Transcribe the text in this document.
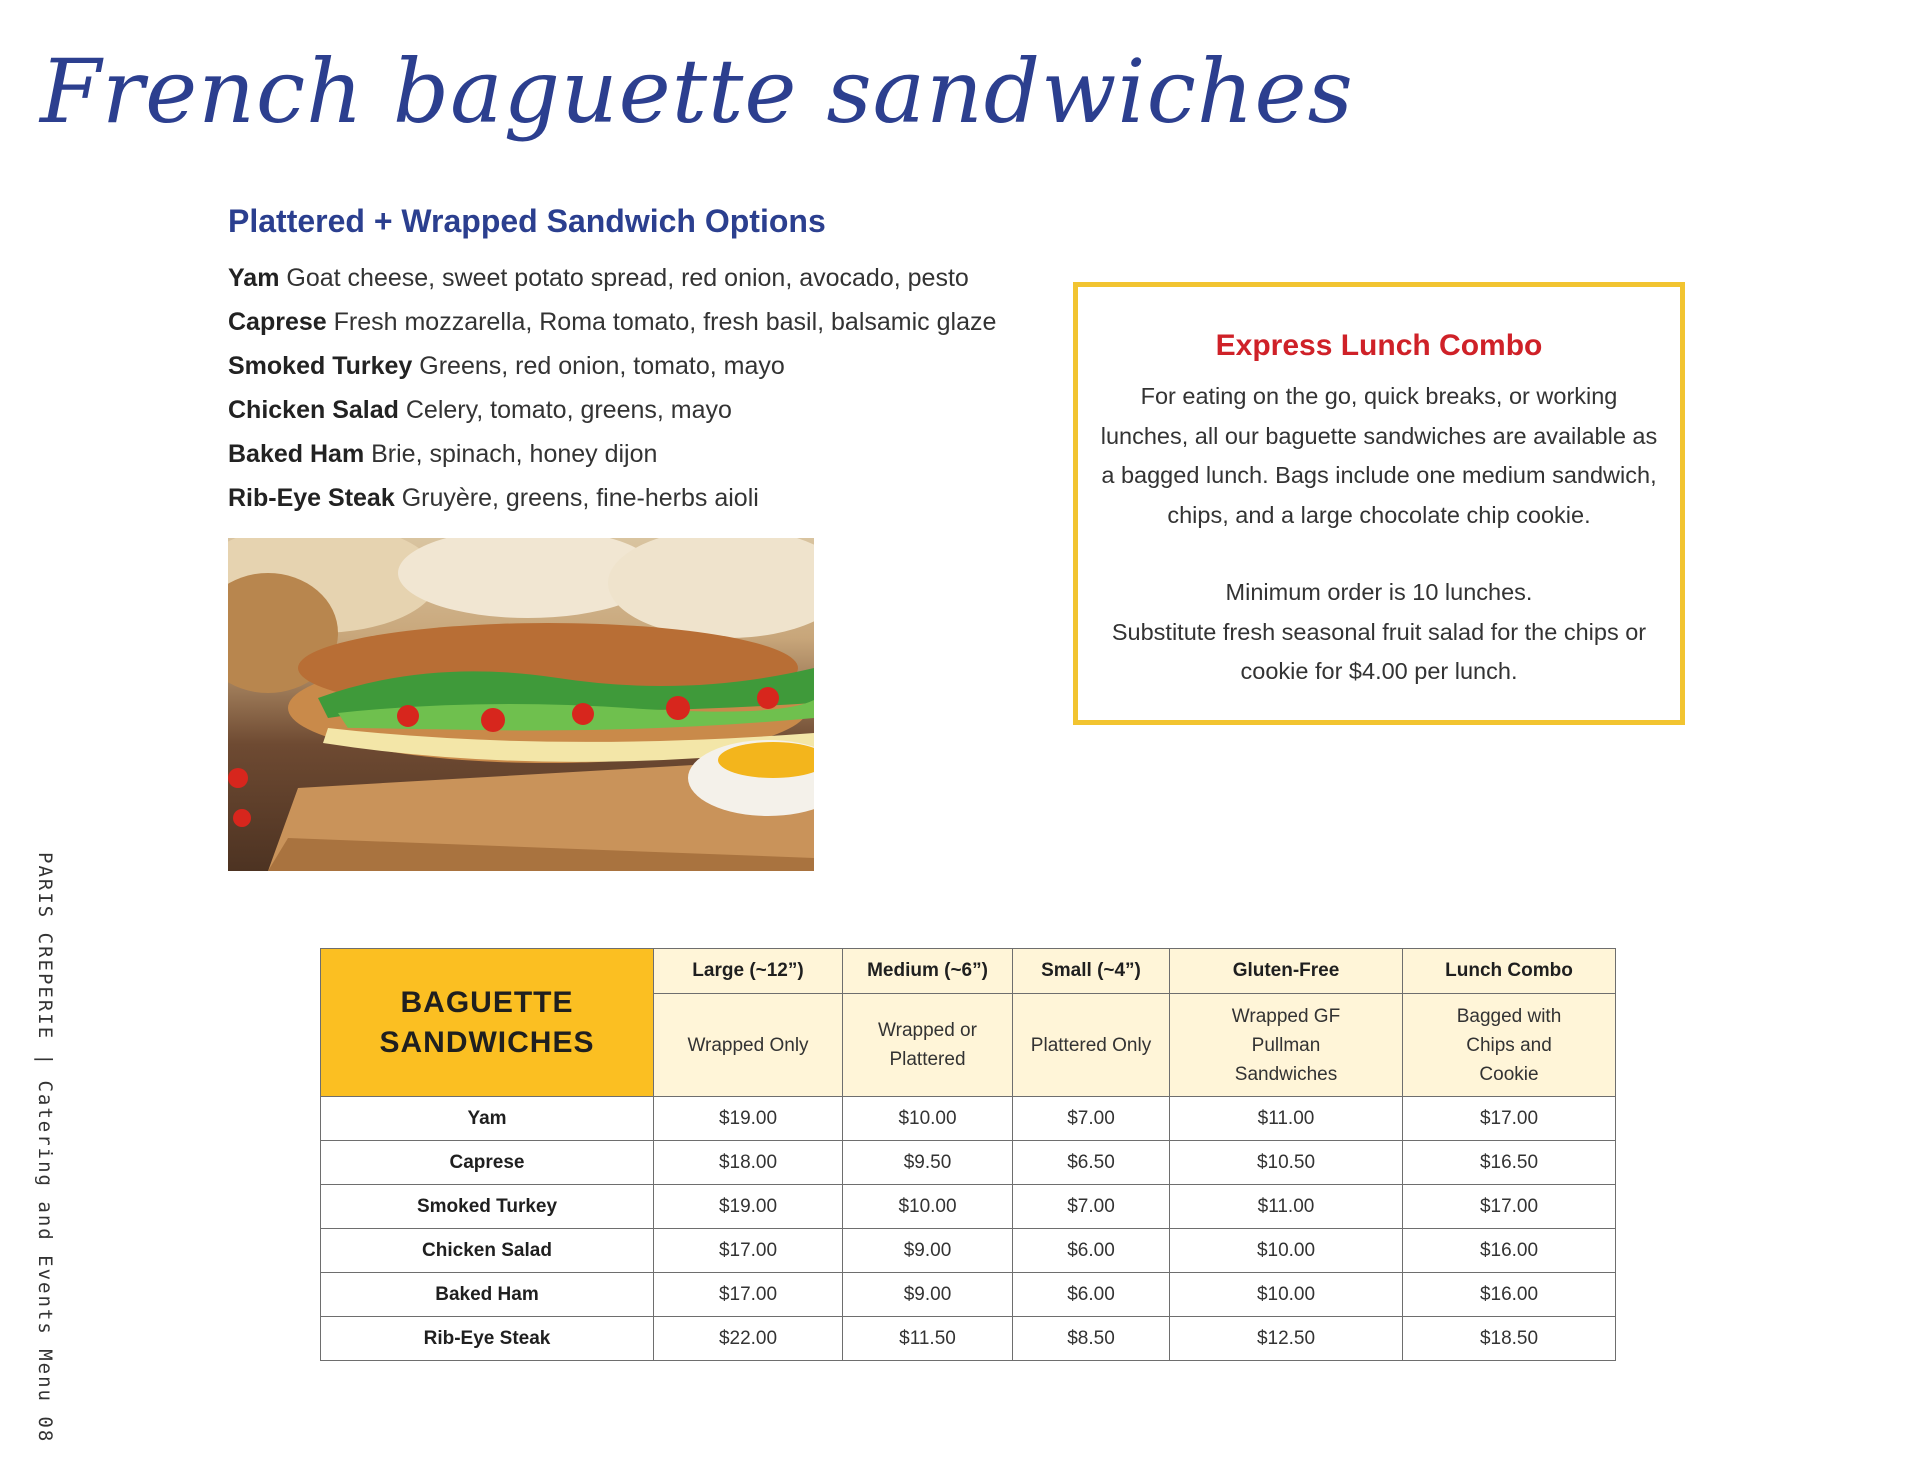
French baguette sandwiches
Plattered + Wrapped Sandwich Options
Yam Goat cheese, sweet potato spread, red onion, avocado, pesto
Caprese Fresh mozzarella, Roma tomato, fresh basil, balsamic glaze
Smoked Turkey Greens, red onion, tomato, mayo
Chicken Salad Celery, tomato, greens, mayo
Baked Ham Brie, spinach, honey dijon
Rib-Eye Steak Gruyère, greens, fine-herbs aioli
Express Lunch Combo

For eating on the go, quick breaks, or working lunches, all our baguette sandwiches are available as a bagged lunch. Bags include one medium sandwich, chips, and a large chocolate chip cookie.

Minimum order is 10 lunches.

Substitute fresh seasonal fruit salad for the chips or cookie for $4.00 per lunch.

PARIS CREPERIE | Catering and Events Menu 08	BAGUETTE
SANDWICHES	Large (~12”)	Medium (~6”)	Small (~4”)	Gluten-Free	Lunch Combo
	Wrapped Only	Wrapped or Plattered	Plattered Only	Wrapped GF Pullman Sandwiches	Bagged with Chips and Cookie
Yam	$19.00	$10.00	$7.00	$11.00	$17.00
Caprese	$18.00	$9.50	$6.50	$10.50	$16.50
Smoked Turkey	$19.00	$10.00	$7.00	$11.00	$17.00
Chicken Salad	$17.00	$9.00	$6.00	$10.00	$16.00
Baked Ham	$17.00	$9.00	$6.00	$10.00	$16.00
Rib-Eye Steak	$22.00	$11.50	$8.50	$12.50	$18.50
